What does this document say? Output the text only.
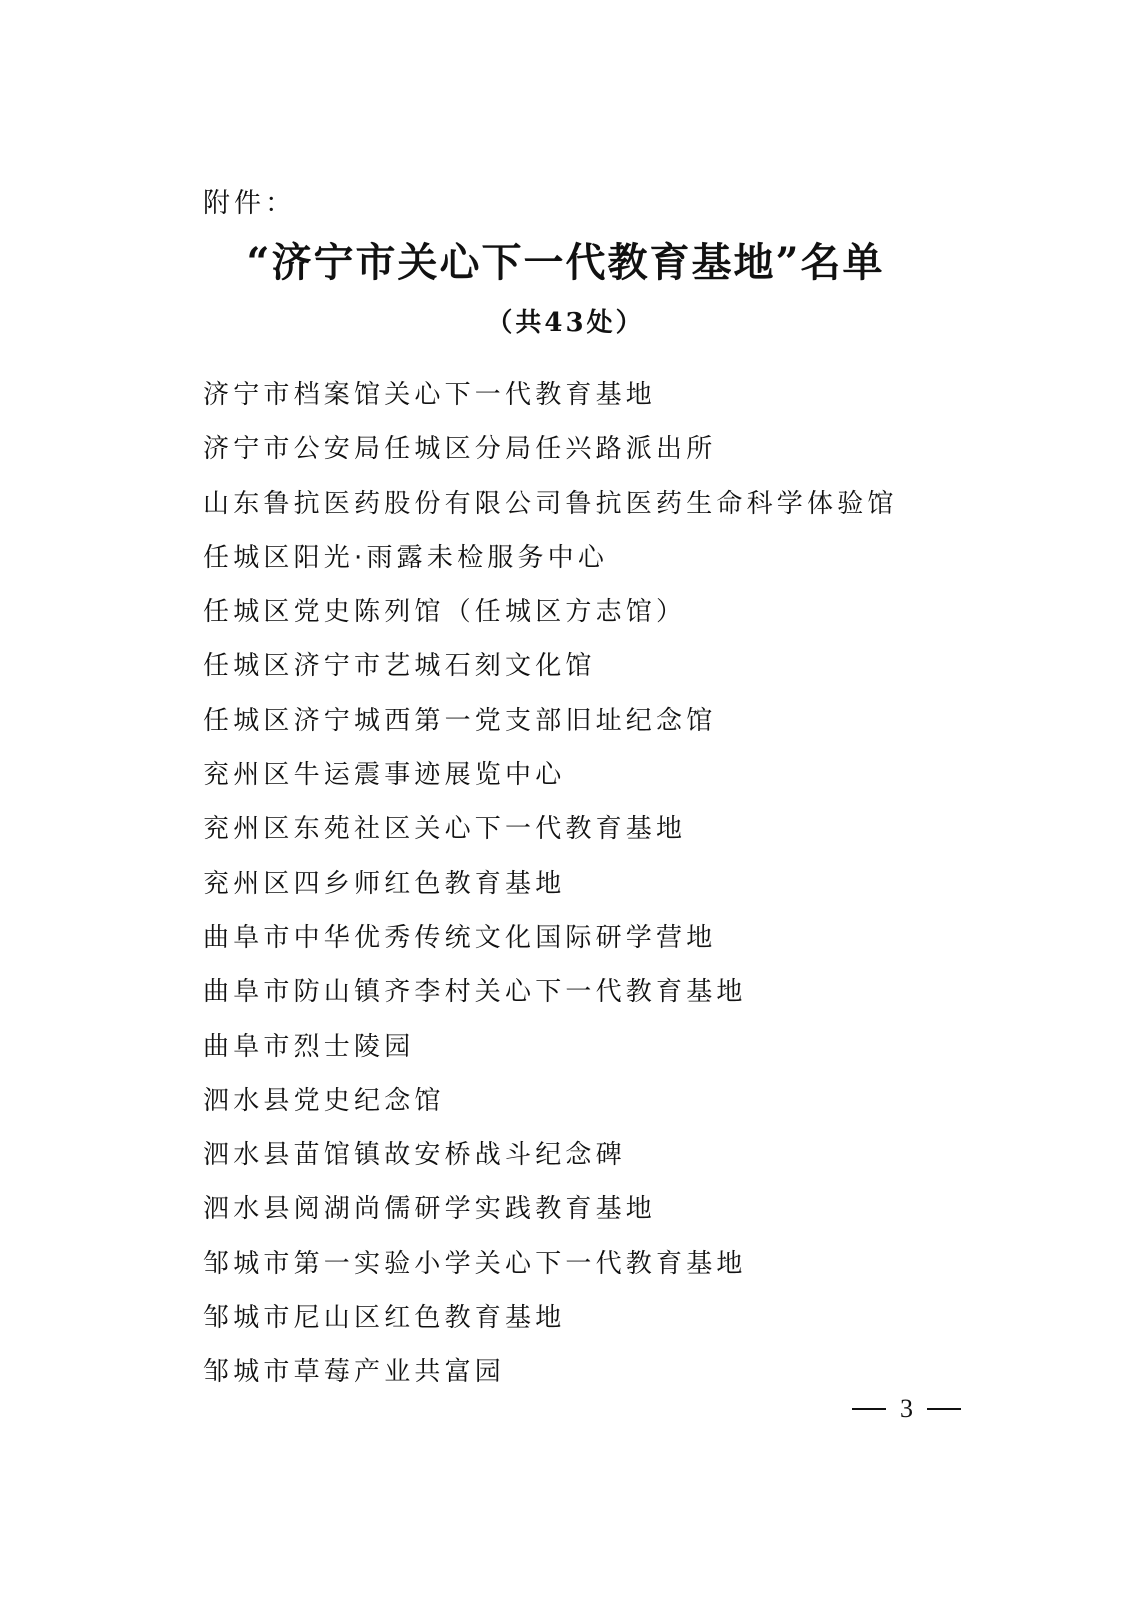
附件：
“济宁市关心下一代教育基地”名单
（共43处）
济宁市档案馆关心下一代教育基地
济宁市公安局任城区分局任兴路派出所
山东鲁抗医药股份有限公司鲁抗医药生命科学体验馆
任城区阳光·雨露未检服务中心
任城区党史陈列馆（任城区方志馆）
任城区济宁市艺城石刻文化馆
任城区济宁城西第一党支部旧址纪念馆
兖州区牛运震事迹展览中心
兖州区东苑社区关心下一代教育基地
兖州区四乡师红色教育基地
曲阜市中华优秀传统文化国际研学营地
曲阜市防山镇齐李村关心下一代教育基地
曲阜市烈士陵园
泗水县党史纪念馆
泗水县苗馆镇故安桥战斗纪念碑
泗水县阅湖尚儒研学实践教育基地
邹城市第一实验小学关心下一代教育基地
邹城市尼山区红色教育基地
邹城市草莓产业共富园
3
